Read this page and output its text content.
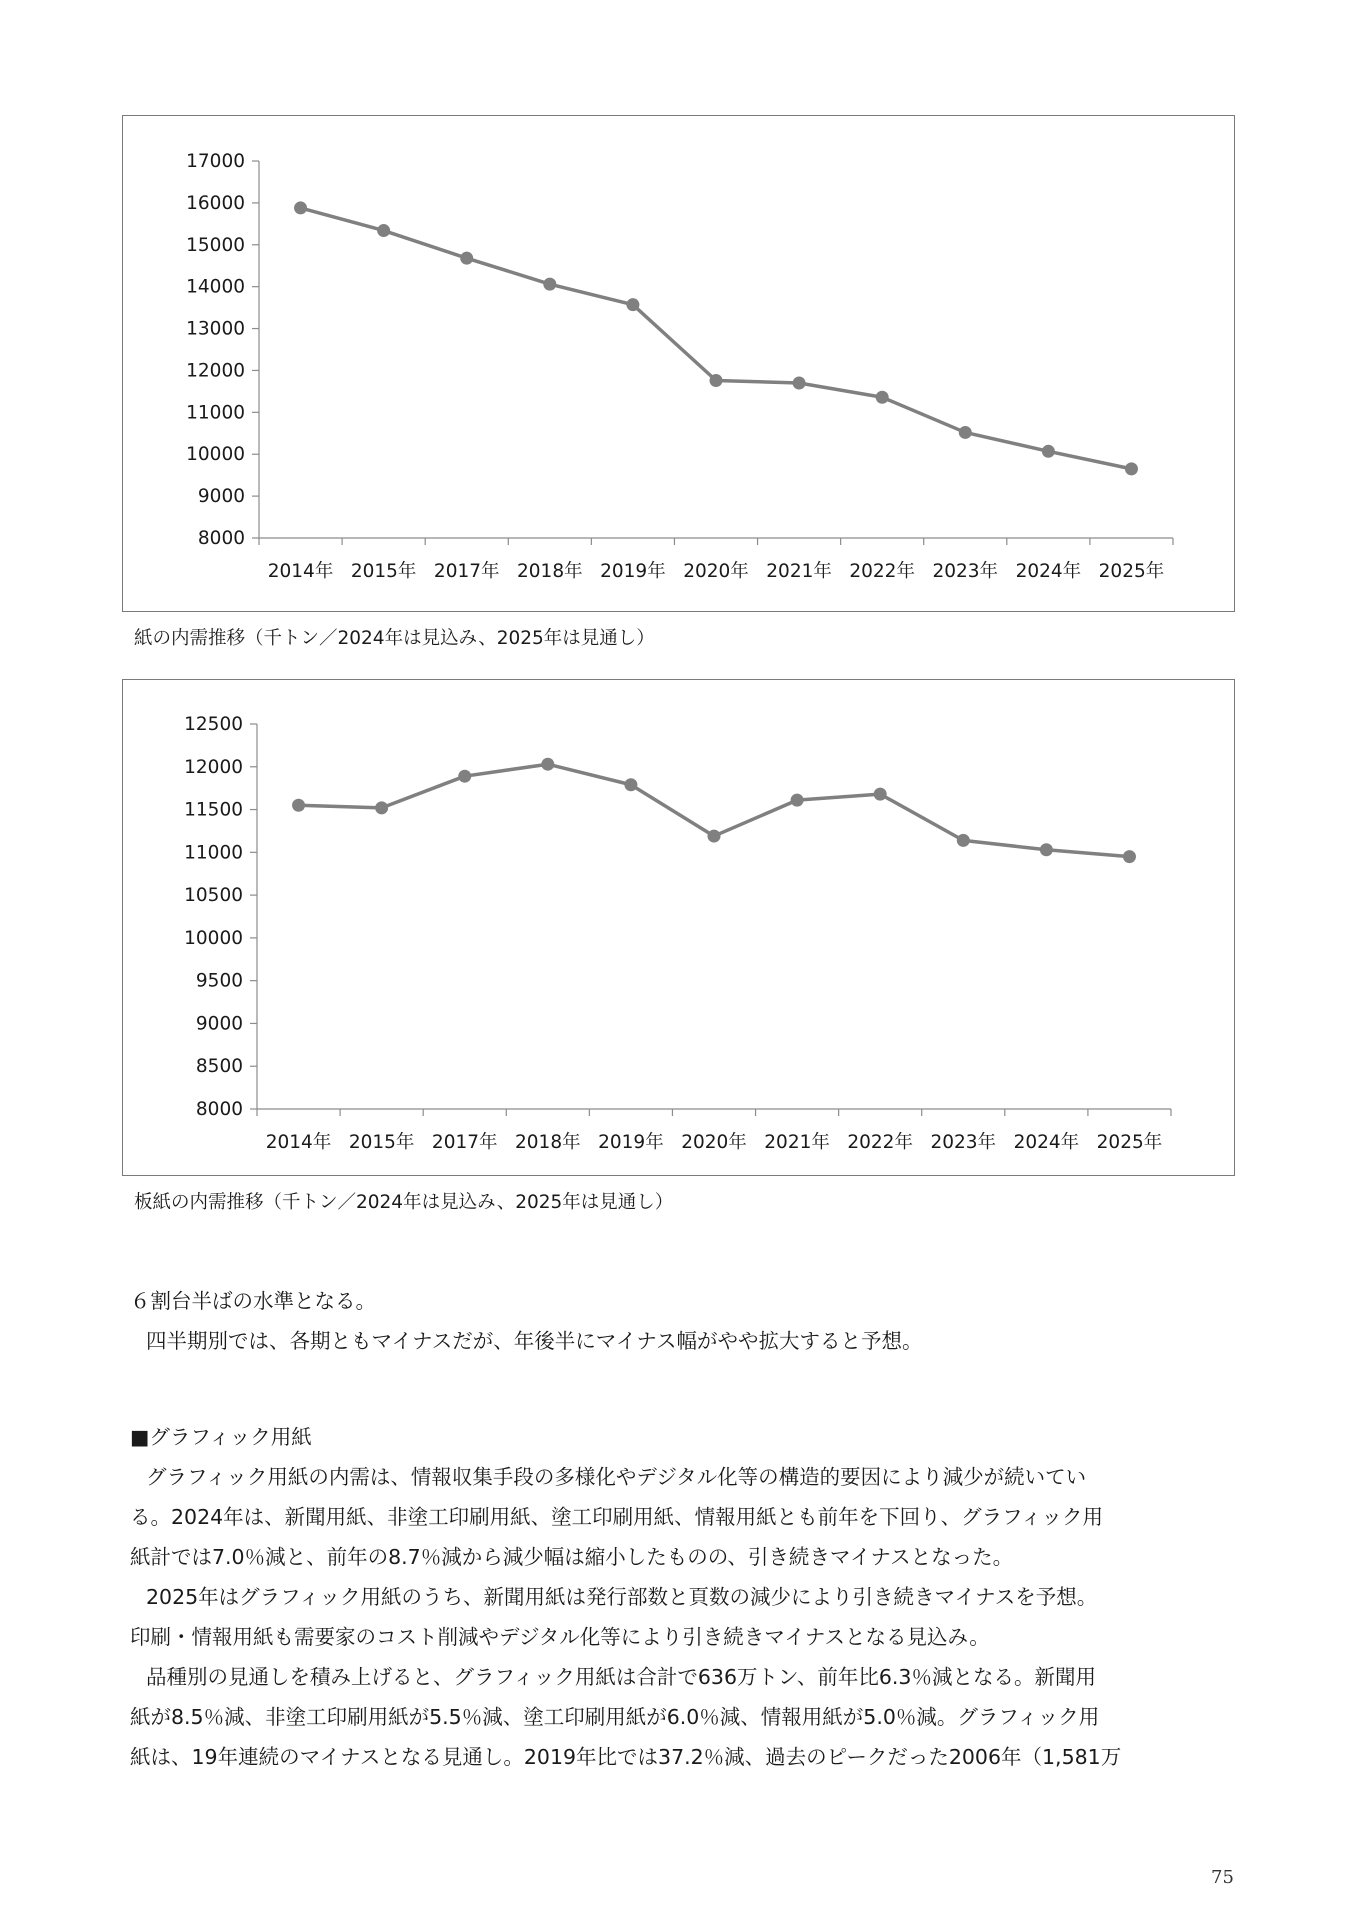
17000
16000
15000
14000
13000
12000
11000
10000
9000
8000
2014年 2015年 2017年 2018年 2019年 2020年 2021年 2022年 2023年 2024年 2025年
紙の内需推移（千トン／2024年は見込み、2025年は見通し）
12500
12000
11500
11000
10500
10000
9500
9000
8500
8000
2014年 2015年 2017年 2018年 2019年 2020年 2021年 2022年 2023年 2024年 2025年
板紙の内需推移（千トン／2024年は見込み、2025年は見通し）

６割台半ばの水準となる。

四半期別では、各期ともマイナスだが、年後半にマイナス幅がやや拡大すると予想。

■グラフィック用紙

グラフィック用紙の内需は、情報収集手段の多様化やデジタル化等の構造的要因により減少が続いてい

る。2024年は、新聞用紙、非塗工印刷用紙、塗工印刷用紙、情報用紙とも前年を下回り、グラフィック用

紙計では7.0％減と、前年の8.7％減から減少幅は縮小したものの、引き続きマイナスとなった。

2025年はグラフィック用紙のうち、新聞用紙は発行部数と頁数の減少により引き続きマイナスを予想。

印刷・情報用紙も需要家のコスト削減やデジタル化等により引き続きマイナスとなる見込み。

品種別の見通しを積み上げると、グラフィック用紙は合計で636万トン、前年比6.3％減となる。新聞用

紙が8.5％減、非塗工印刷用紙が5.5％減、塗工印刷用紙が6.0％減、情報用紙が5.0％減。グラフィック用

紙は、19年連続のマイナスとなる見通し。2019年比では37.2％減、過去のピークだった2006年（1,581万

75
